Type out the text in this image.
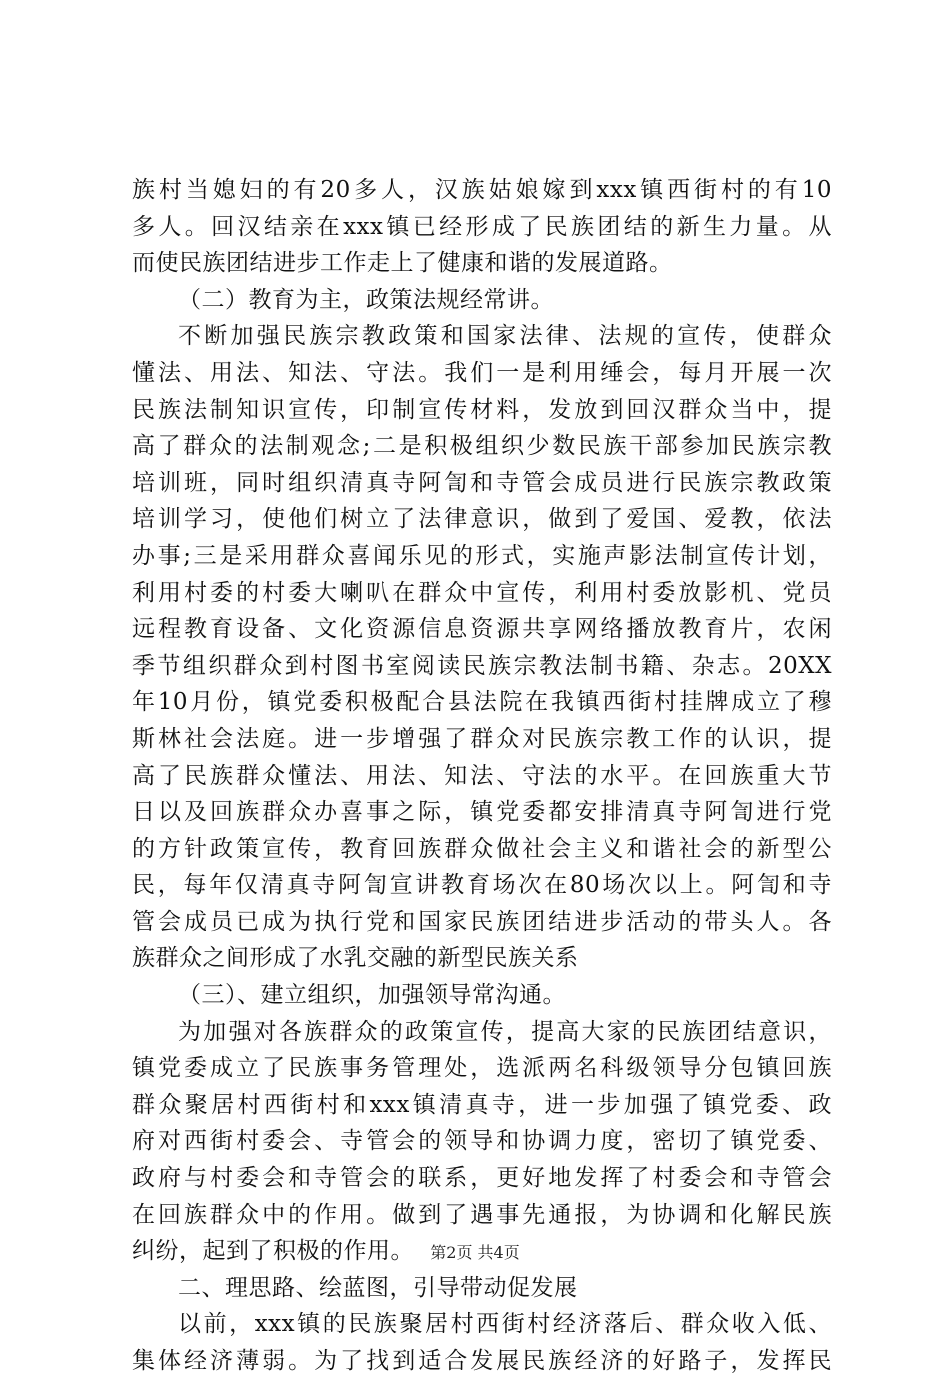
族村当媳妇的有20多人，汉族姑娘嫁到xxx镇西街村的有10
多人。回汉结亲在xxx镇已经形成了民族团结的新生力量。从
而使民族团结进步工作走上了健康和谐的发展道路。
（二）教育为主，政策法规经常讲。
不断加强民族宗教政策和国家法律、法规的宣传，使群众
懂法、用法、知法、守法。我们一是利用缍会，每月开展一次
民族法制知识宣传，印制宣传材料，发放到回汉群众当中，提
高了群众的法制观念;二是积极组织少数民族干部参加民族宗教
培训班，同时组织清真寺阿訇和寺管会成员进行民族宗教政策
培训学习，使他们树立了法律意识，做到了爱国、爱教，依法
办事;三是采用群众喜闻乐见的形式，实施声影法制宣传计划，
利用村委的村委大喇叭在群众中宣传，利用村委放影机、党员
远程教育设备、文化资源信息资源共享网络播放教育片，农闲
季节组织群众到村图书室阅读民族宗教法制书籍、杂志。20XX
年10月份，镇党委积极配合县法院在我镇西街村挂牌成立了穆
斯林社会法庭。进一步增强了群众对民族宗教工作的认识，提
高了民族群众懂法、用法、知法、守法的水平。在回族重大节
日以及回族群众办喜事之际，镇党委都安排清真寺阿訇进行党
的方针政策宣传，教育回族群众做社会主义和谐社会的新型公
民，每年仅清真寺阿訇宣讲教育场次在80场次以上。阿訇和寺
管会成员已成为执行党和国家民族团结进步活动的带头人。各
族群众之间形成了水乳交融的新型民族关系
（三）、建立组织，加强领导常沟通。
为加强对各族群众的政策宣传，提高大家的民族团结意识，
镇党委成立了民族事务管理处，选派两名科级领导分包镇回族
群众聚居村西街村和xxx镇清真寺，进一步加强了镇党委、政
府对西街村委会、寺管会的领导和协调力度，密切了镇党委、
政府与村委会和寺管会的联系，更好地发挥了村委会和寺管会
在回族群众中的作用。做到了遇事先通报，为协调和化解民族
纠纷，起到了积极的作用。
二、理思路、绘蓝图，引导带动促发展
以前，xxx镇的民族聚居村西街村经济落后、群众收入低、
集体经济薄弱。为了找到适合发展民族经济的好路子，发挥民
第2页 共4页
